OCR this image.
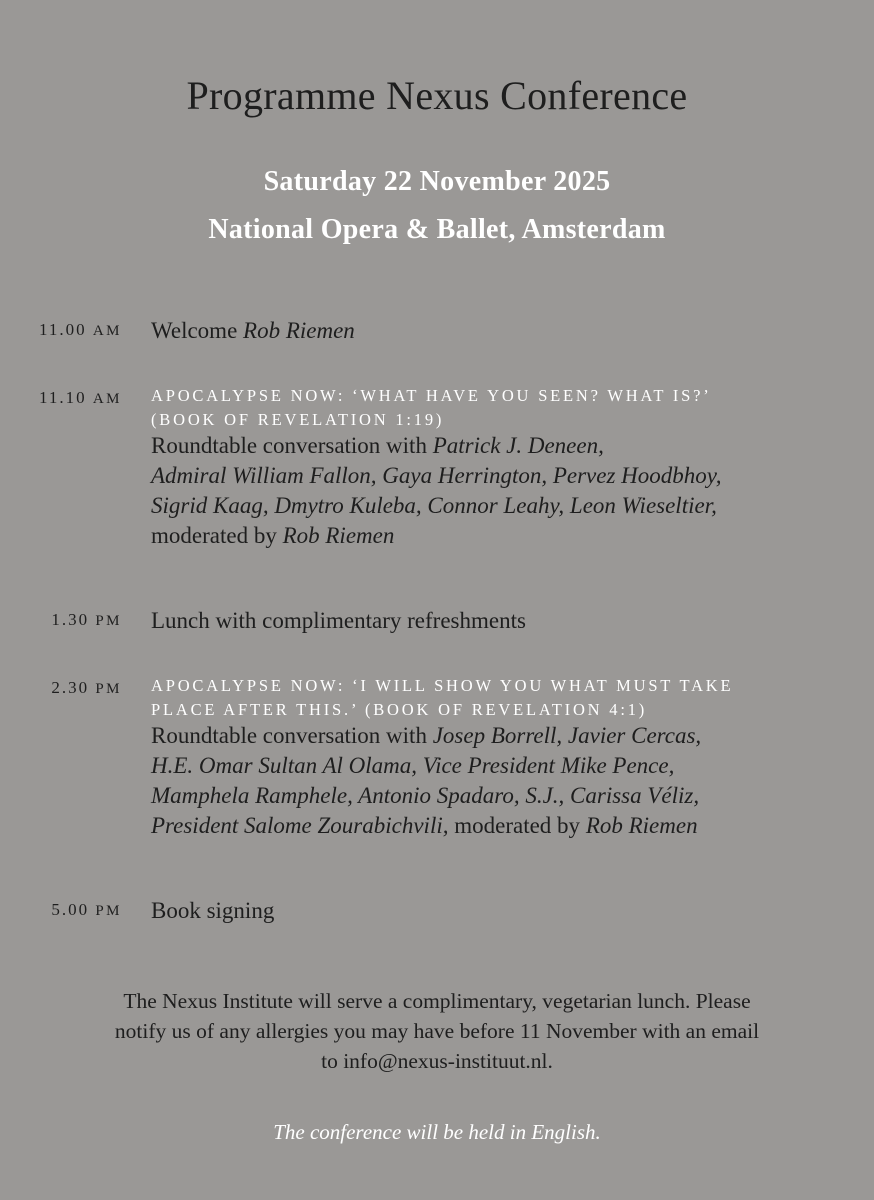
Programme Nexus Conference
Saturday 22 November 2025
National Opera & Ballet, Amsterdam
11.00 AM Welcome Rob Riemen
11.10 AM APOCALYPSE NOW: ‘WHAT HAVE YOU SEEN? WHAT IS?’
(BOOK OF REVELATION 1:19)
Roundtable conversation with Patrick J. Deneen,
Admiral William Fallon, Gaya Herrington, Pervez Hoodbhoy,
Sigrid Kaag, Dmytro Kuleba, Connor Leahy, Leon Wieseltier,
moderated by Rob Riemen
1.30 PM Lunch with complimentary refreshments
2.30 PM APOCALYPSE NOW: ‘I WILL SHOW YOU WHAT MUST TAKE
PLACE AFTER THIS.’ (BOOK OF REVELATION 4:1)
Roundtable conversation with Josep Borrell, Javier Cercas,
H.E. Omar Sultan Al Olama, Vice President Mike Pence,
Mamphela Ramphele, Antonio Spadaro, S.J., Carissa Véliz,
President Salome Zourabichvili, moderated by Rob Riemen
5.00 PM Book signing
The Nexus Institute will serve a complimentary, vegetarian lunch. Please
notify us of any allergies you may have before 11 November with an email
to info@nexus-instituut.nl.
The conference will be held in English.
